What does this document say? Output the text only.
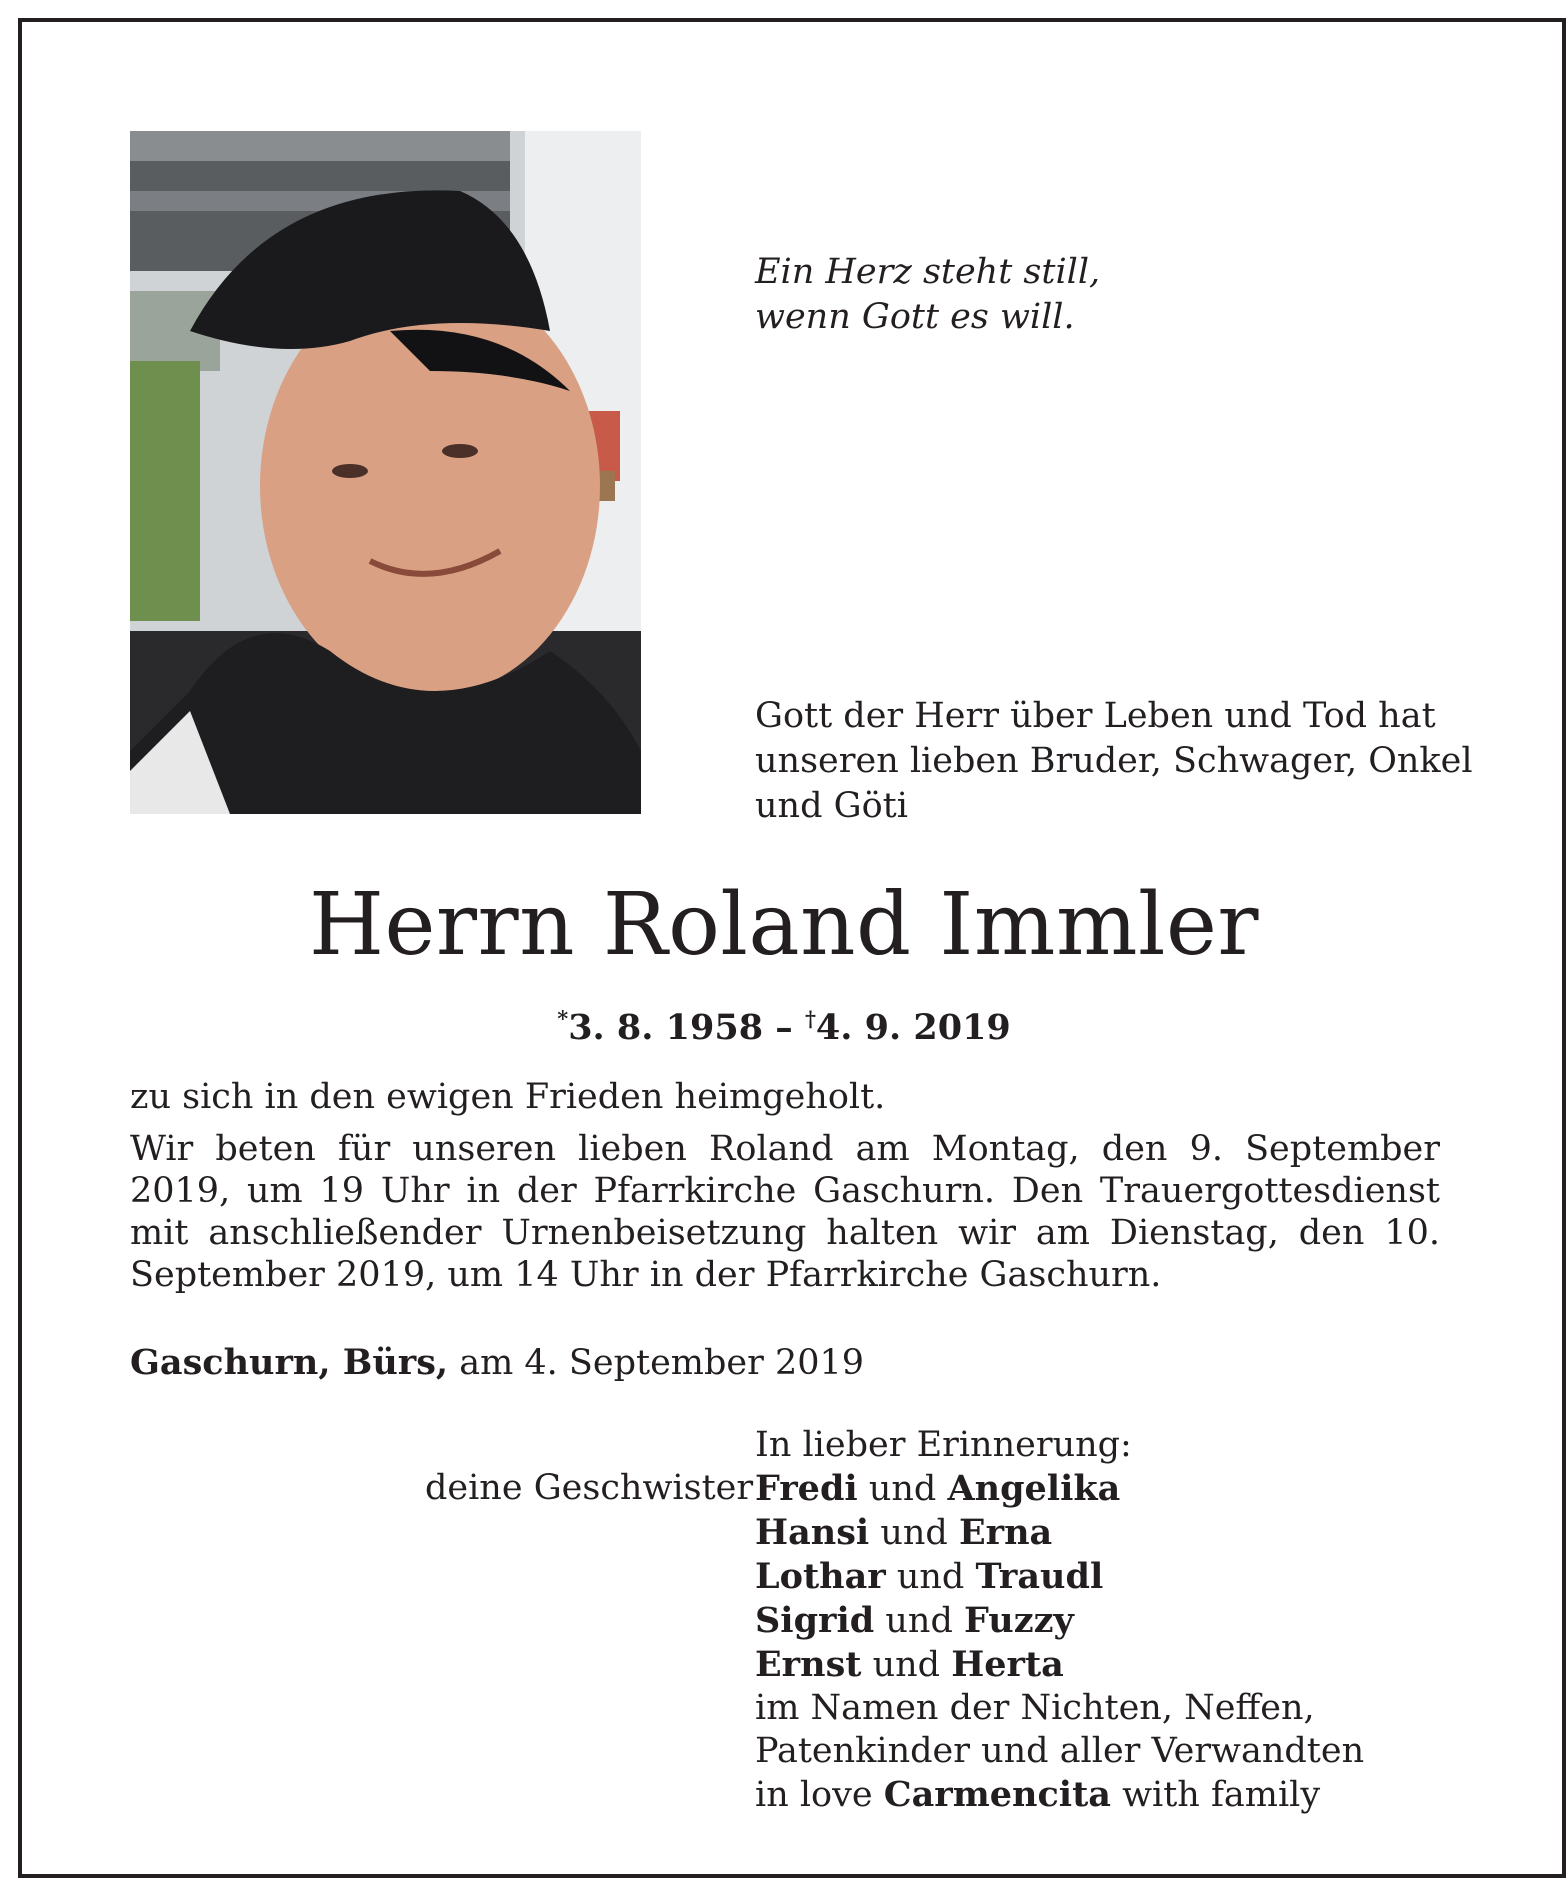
Ein Herz steht still,
wenn Gott es will.
Gott der Herr über Leben und Tod hat
unseren lieben Bruder, Schwager, Onkel
und Göti
Herrn Roland Immler
*3. 8. 1958 – †4. 9. 2019

zu sich in den ewigen Frieden heimgeholt.

Wir beten für unseren lieben Roland am Montag, den 9. September 2019, um 19 Uhr in der Pfarrkirche Gaschurn. Den Trauergottesdienst mit anschließender Urnenbeisetzung halten wir am Dienstag, den 10. September 2019, um 14 Uhr in der Pfarrkirche Gaschurn.

Gaschurn, Bürs, am 4. September 2019
deine Geschwister
In lieber Erinnerung:
Fredi und Angelika
Hansi und Erna
Lothar und Traudl
Sigrid und Fuzzy
Ernst und Herta
im Namen der Nichten, Neffen,
Patenkinder und aller Verwandten
in love Carmencita with family
